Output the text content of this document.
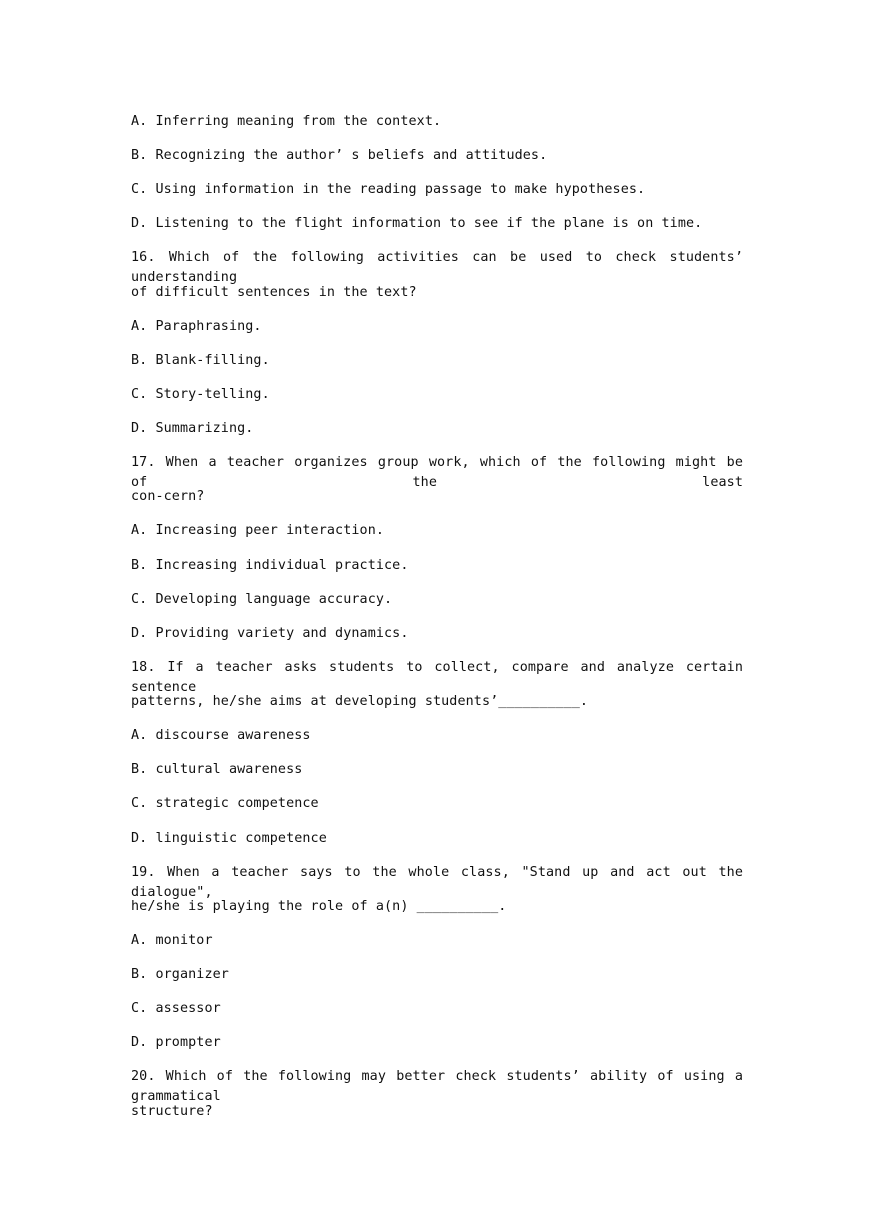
A. Inferring meaning from the context.
B. Recognizing the author’ s beliefs and attitudes.
C. Using information in the reading passage to make hypotheses.
D. Listening to the flight information to see if the plane is on time.
16. Which of the following activities can be used to check students’ understanding
of difficult sentences in the text?
A. Paraphrasing.
B. Blank-filling.
C. Story-telling.
D. Summarizing.
17. When a teacher organizes group work, which of the following might be of the least
con-cern?
A. Increasing peer interaction.
B. Increasing individual practice.
C. Developing language accuracy.
D. Providing variety and dynamics.
18. If a teacher asks students to collect, compare and analyze certain sentence
patterns, he/she aims at developing students’__________.
A. discourse awareness
B. cultural awareness
C. strategic competence
D. linguistic competence
19. When a teacher says to the whole class, "Stand up and act out the dialogue",
he/she is playing the role of a(n) __________.
A. monitor
B. organizer
C. assessor
D. prompter
20. Which of the following may better check students’ ability of using a grammatical
structure?
